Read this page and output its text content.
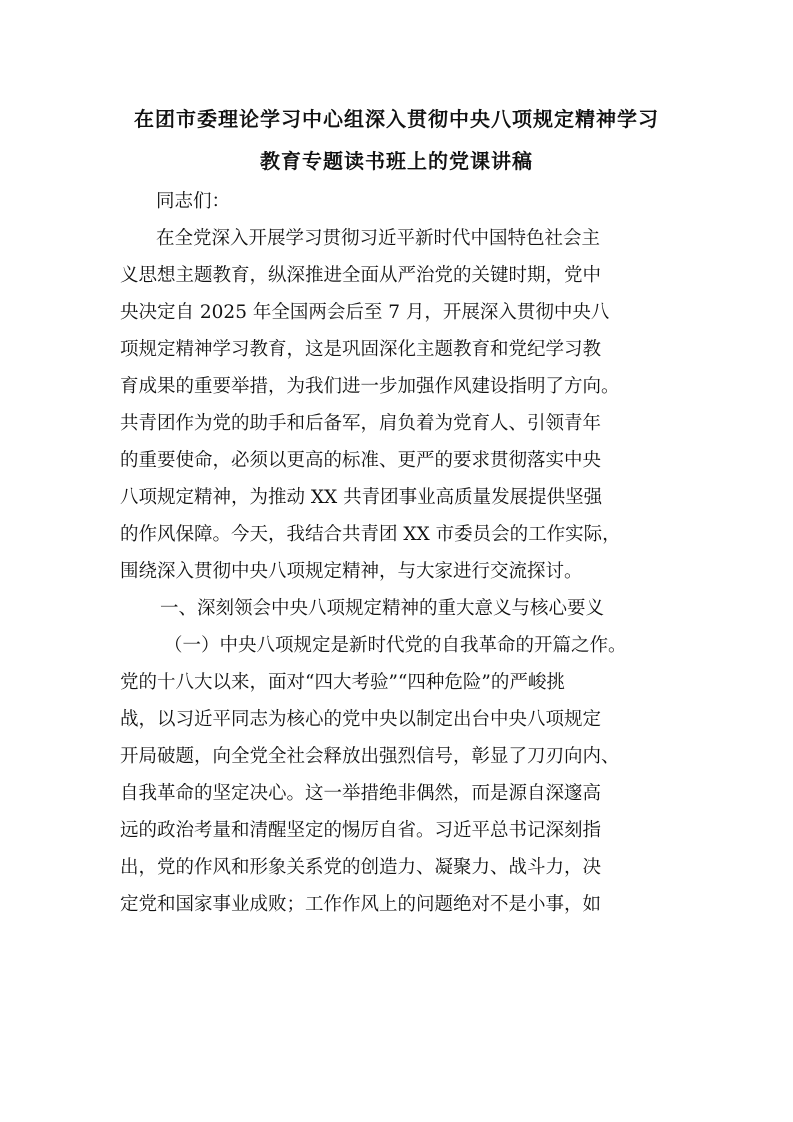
在团市委理论学习中心组深入贯彻中央八项规定精神学习
教育专题读书班上的党课讲稿
同志们：
在全党深入开展学习贯彻习近平新时代中国特色社会主
义思想主题教育，纵深推进全面从严治党的关键时期，党中
央决定自 2025 年全国两会后至 7 月，开展深入贯彻中央八
项规定精神学习教育，这是巩固深化主题教育和党纪学习教
育成果的重要举措，为我们进一步加强作风建设指明了方向。
共青团作为党的助手和后备军，肩负着为党育人、引领青年
的重要使命，必须以更高的标准、更严的要求贯彻落实中央
八项规定精神，为推动 XX 共青团事业高质量发展提供坚强
的作风保障。今天，我结合共青团 XX 市委员会的工作实际，
围绕深入贯彻中央八项规定精神，与大家进行交流探讨。
一、深刻领会中央八项规定精神的重大意义与核心要义
（一）中央八项规定是新时代党的自我革命的开篇之作。
党的十八大以来，面对“四大考验”“四种危险”的严峻挑
战，以习近平同志为核心的党中央以制定出台中央八项规定
开局破题，向全党全社会释放出强烈信号，彰显了刀刃向内、
自我革命的坚定决心。这一举措绝非偶然，而是源自深邃高
远的政治考量和清醒坚定的惕厉自省。习近平总书记深刻指
出，党的作风和形象关系党的创造力、凝聚力、战斗力，决
定党和国家事业成败；工作作风上的问题绝对不是小事，如
